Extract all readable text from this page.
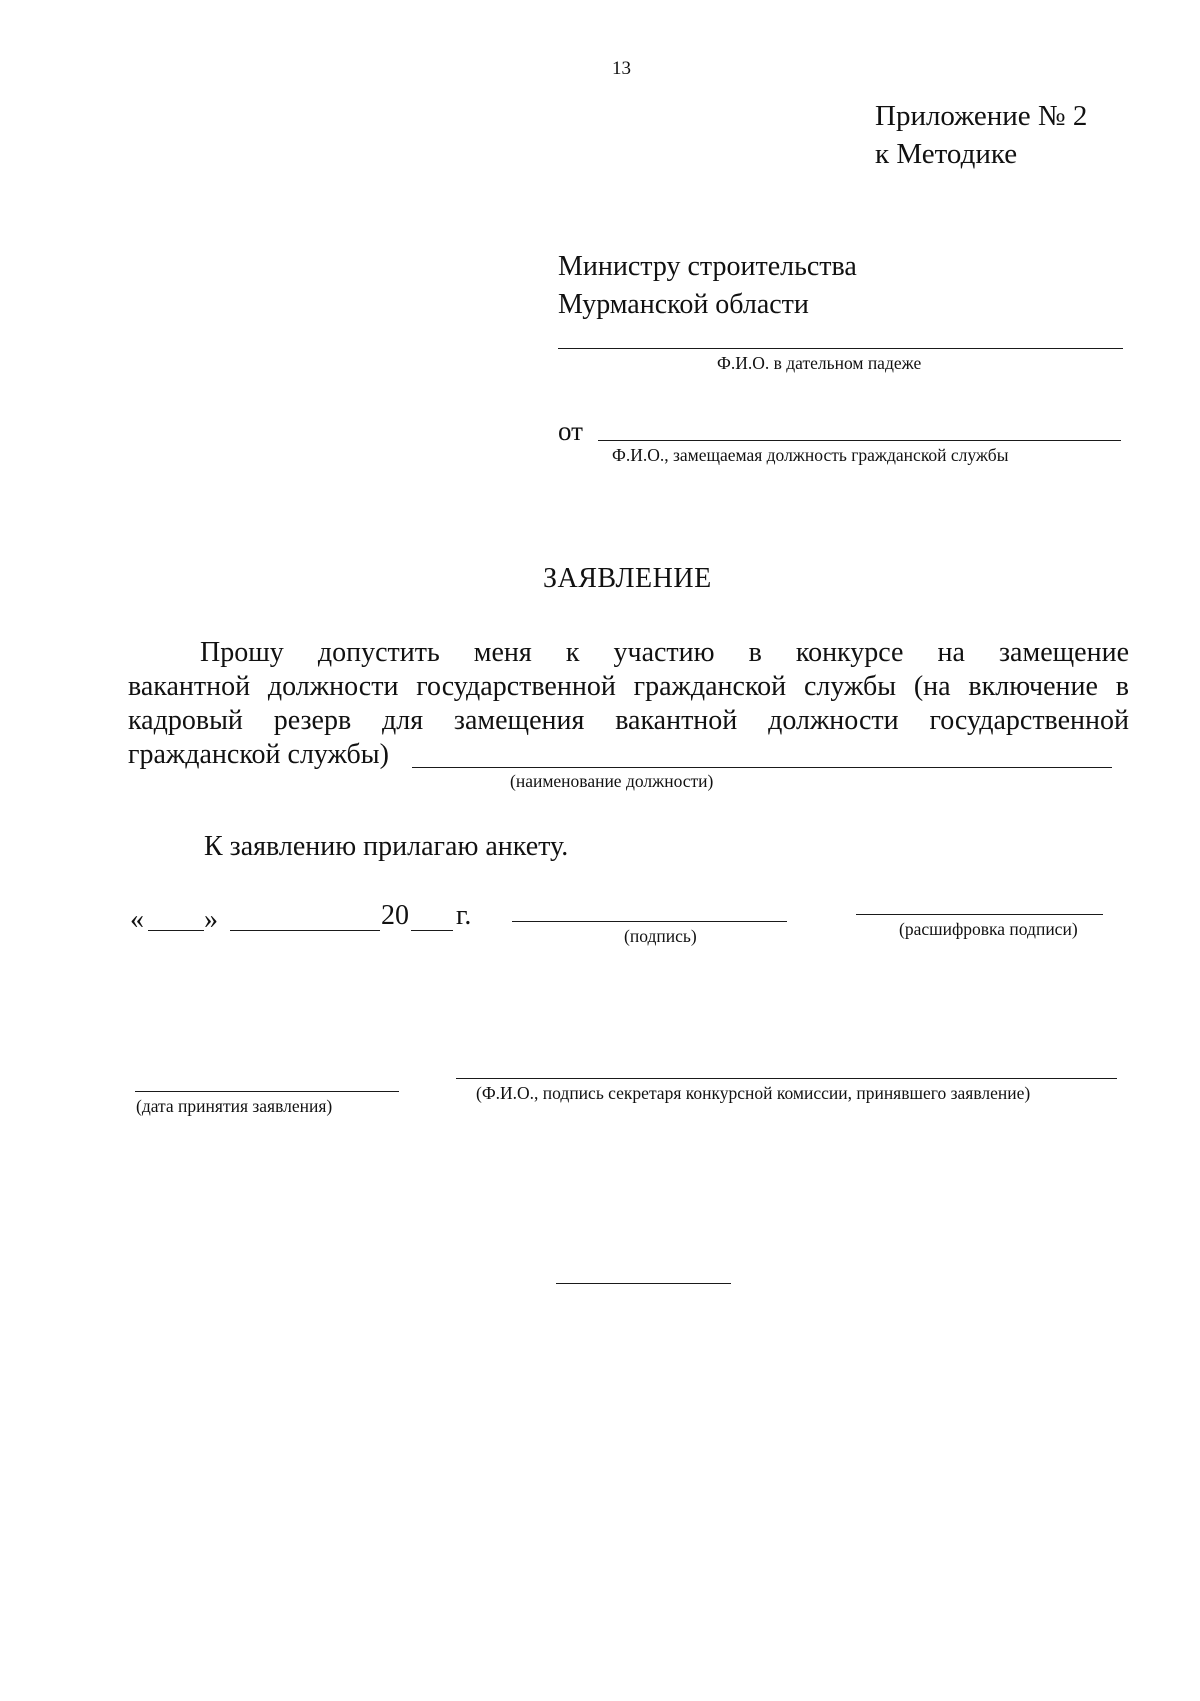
13
Приложение № 2
к Методике
Министру строительства
Мурманской области
Ф.И.О. в дательном падеже
от
Ф.И.О., замещаемая должность гражданской службы
ЗАЯВЛЕНИЕ
Прошу допустить меня к участию в конкурсе на замещение
вакантной должности государственной гражданской службы (на включение в
кадровый резерв для замещения вакантной должности государственной
гражданской службы)
(наименование должности)
К заявлению прилагаю анкету.
« »	20 г.
(подпись)	(расшифровка подписи)
(дата принятия заявления)
(Ф.И.О., подпись секретаря конкурсной комиссии, принявшего заявление)
